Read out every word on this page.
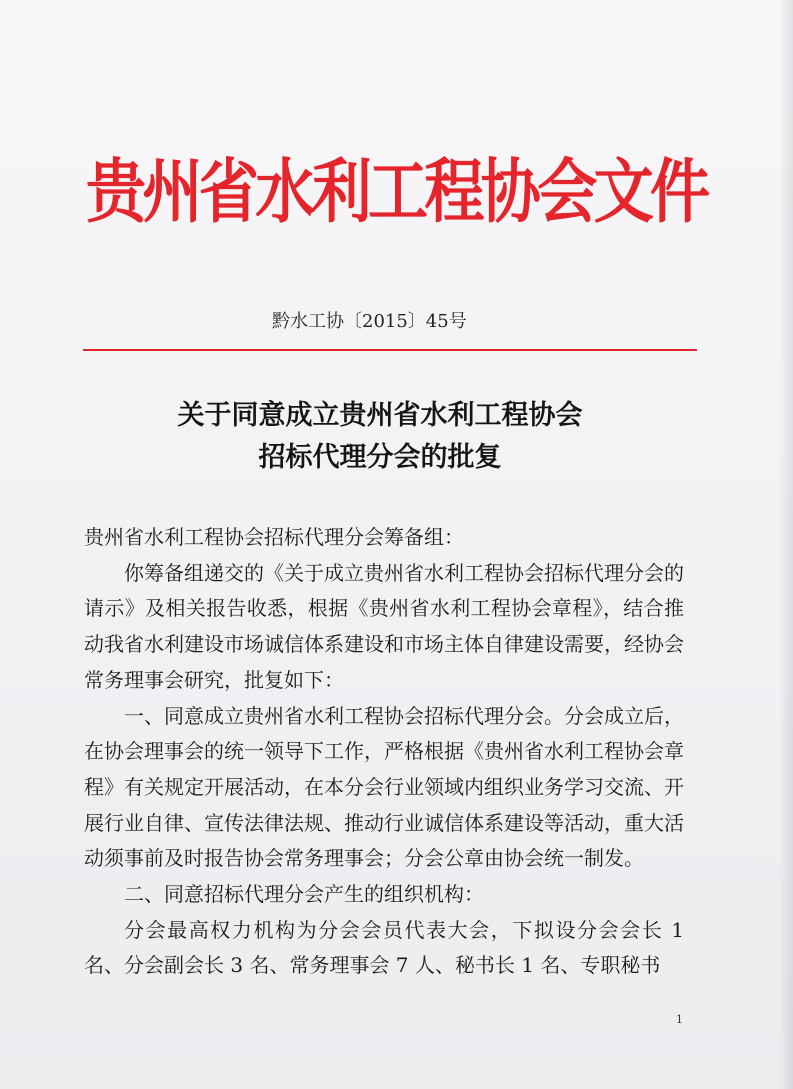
贵州省水利工程协会文件
黔水工协〔2015〕45号
关于同意成立贵州省水利工程协会
招标代理分会的批复

贵州省水利工程协会招标代理分会筹备组：

你筹备组递交的《关于成立贵州省水利工程协会招标代理分会的请示》及相关报告收悉，根据《贵州省水利工程协会章程》，结合推动我省水利建设市场诚信体系建设和市场主体自律建设需要，经协会常务理事会研究，批复如下：

一、同意成立贵州省水利工程协会招标代理分会。分会成立后，在协会理事会的统一领导下工作，严格根据《贵州省水利工程协会章程》有关规定开展活动，在本分会行业领域内组织业务学习交流、开展行业自律、宣传法律法规、推动行业诚信体系建设等活动，重大活动须事前及时报告协会常务理事会；分会公章由协会统一制发。

二、同意招标代理分会产生的组织机构：

分会最高权力机构为分会会员代表大会，下拟设分会会长 1 名、分会副会长 3 名、常务理事会 7 人、秘书长 1 名、专职秘书

1
